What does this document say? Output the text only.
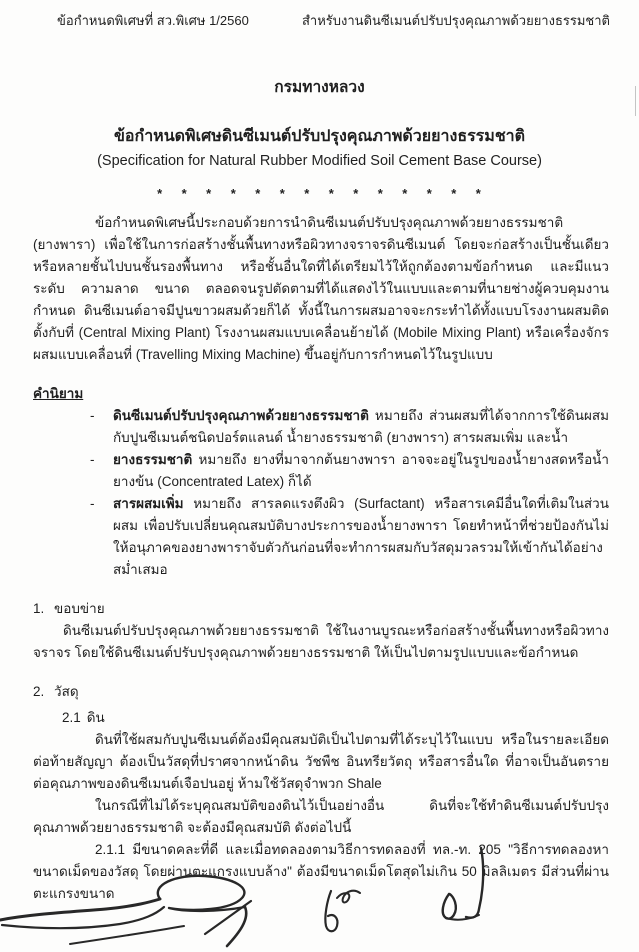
ข้อกำหนดพิเศษที่ สว.พิเศษ 1/2560	สำหรับงานดินซีเมนต์ปรับปรุงคุณภาพด้วยยางธรรมชาติ
กรมทางหลวง
ข้อกำหนดพิเศษดินซีเมนต์ปรับปรุงคุณภาพด้วยยางธรรมชาติ
(Specification for Natural Rubber Modified Soil Cement Base Course)
*    *    *    *    *    *    *    *    *    *    *    *    *    *
ข้อกำหนดพิเศษนี้ประกอบด้วยการนำดินซีเมนต์ปรับปรุงคุณภาพด้วยยางธรรมชาติ (ยางพารา) เพื่อใช้ในการก่อสร้างชั้นพื้นทางหรือผิวทางจราจรดินซีเมนต์ โดยจะก่อสร้างเป็นชั้นเดียวหรือหลายชั้นไปบนชั้นรองพื้นทาง หรือชั้นอื่นใดที่ได้เตรียมไว้ให้ถูกต้องตามข้อกำหนด และมีแนว ระดับ ความลาด ขนาด ตลอดจนรูปตัดตามที่ได้แสดงไว้ในแบบและตามที่นายช่างผู้ควบคุมงานกำหนด ดินซีเมนต์อาจมีปูนขาวผสมด้วยก็ได้ ทั้งนี้ในการผสมอาจจะกระทำได้ทั้งแบบโรงงานผสมติดตั้งกับที่ (Central Mixing Plant) โรงงานผสมแบบเคลื่อนย้ายได้ (Mobile Mixing Plant) หรือเครื่องจักรผสมแบบเคลื่อนที่ (Travelling Mixing Machine) ขึ้นอยู่กับการกำหนดไว้ในรูปแบบ
คำนิยาม
-	ดินซีเมนต์ปรับปรุงคุณภาพด้วยยางธรรมชาติ หมายถึง ส่วนผสมที่ได้จากการใช้ดินผสมกับปูนซีเมนต์ชนิดปอร์ตแลนด์ น้ำยางธรรมชาติ (ยางพารา) สารผสมเพิ่ม และน้ำ
-	ยางธรรมชาติ หมายถึง ยางที่มาจากต้นยางพารา อาจจะอยู่ในรูปของน้ำยางสดหรือน้ำยางข้น (Concentrated Latex) ก็ได้
-	สารผสมเพิ่ม หมายถึง สารลดแรงตึงผิว (Surfactant) หรือสารเคมีอื่นใดที่เติมในส่วนผสม เพื่อปรับเปลี่ยนคุณสมบัติบางประการของน้ำยางพารา โดยทำหน้าที่ช่วยป้องกันไม่ให้อนุภาคของยางพาราจับตัวกันก่อนที่จะทำการผสมกับวัสดุมวลรวมให้เข้ากันได้อย่างสม่ำเสมอ
1. ขอบข่าย
ดินซีเมนต์ปรับปรุงคุณภาพด้วยยางธรรมชาติ ใช้ในงานบูรณะหรือก่อสร้างชั้นพื้นทางหรือผิวทางจราจร โดยใช้ดินซีเมนต์ปรับปรุงคุณภาพด้วยยางธรรมชาติ ให้เป็นไปตามรูปแบบและข้อกำหนด
2. วัสดุ
2.1 ดิน
ดินที่ใช้ผสมกับปูนซีเมนต์ต้องมีคุณสมบัติเป็นไปตามที่ได้ระบุไว้ในแบบ หรือในรายละเอียดต่อท้ายสัญญา ต้องเป็นวัสดุที่ปราศจากหน้าดิน วัชพืช อินทรียวัตถุ หรือสารอื่นใด ที่อาจเป็นอันตรายต่อคุณภาพของดินซีเมนต์เจือปนอยู่ ห้ามใช้วัสดุจำพวก Shale
ในกรณีที่ไม่ได้ระบุคุณสมบัติของดินไว้เป็นอย่างอื่น ดินที่จะใช้ทำดินซีเมนต์ปรับปรุงคุณภาพด้วยยางธรรมชาติ จะต้องมีคุณสมบัติ ดังต่อไปนี้
2.1.1 มีขนาดคละที่ดี และเมื่อทดลองตามวิธีการทดลองที่ ทล.-ท. 205 "วิธีการทดลองหาขนาดเม็ดของวัสดุ โดยผ่านตะแกรงแบบล้าง" ต้องมีขนาดเม็ดโตสุดไม่เกิน 50 มิลลิเมตร มีส่วนที่ผ่านตะแกรงขนาด
